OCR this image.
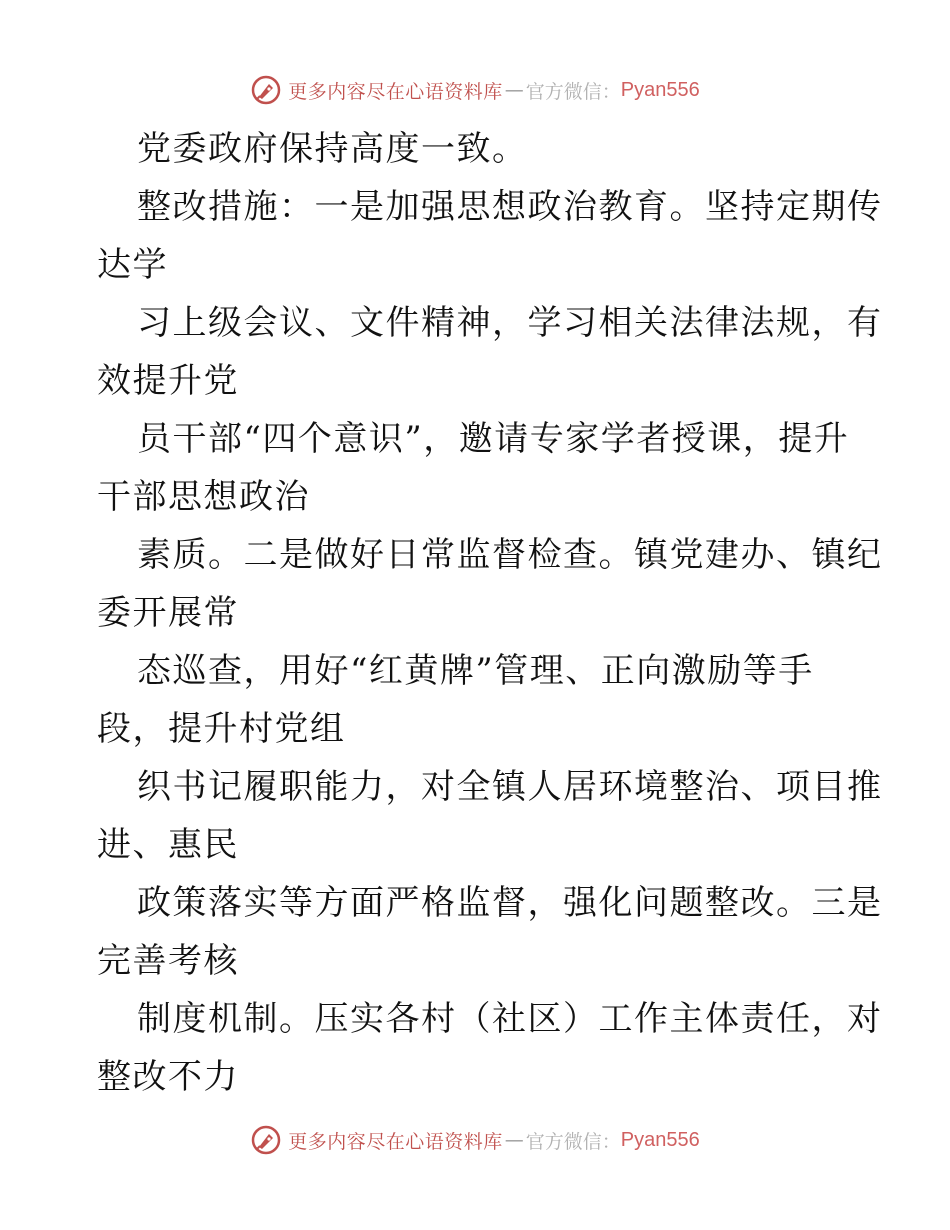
更多内容尽在心语资料库 — 官方微信： Pyan556

党委政府保持高度一致。

整改措施：一是加强思想政治教育。坚持定期传

达学

习上级会议、文件精神，学习相关法律法规，有

效提升党

员干部“四个意识”，邀请专家学者授课，提升

干部思想政治

素质。二是做好日常监督检查。镇党建办、镇纪

委开展常

态巡查，用好“红黄牌”管理、正向激励等手

段，提升村党组

织书记履职能力，对全镇人居环境整治、项目推

进、惠民

政策落实等方面严格监督，强化问题整改。三是

完善考核

制度机制。压实各村（社区）工作主体责任，对

整改不力

更多内容尽在心语资料库 — 官方微信： Pyan556
